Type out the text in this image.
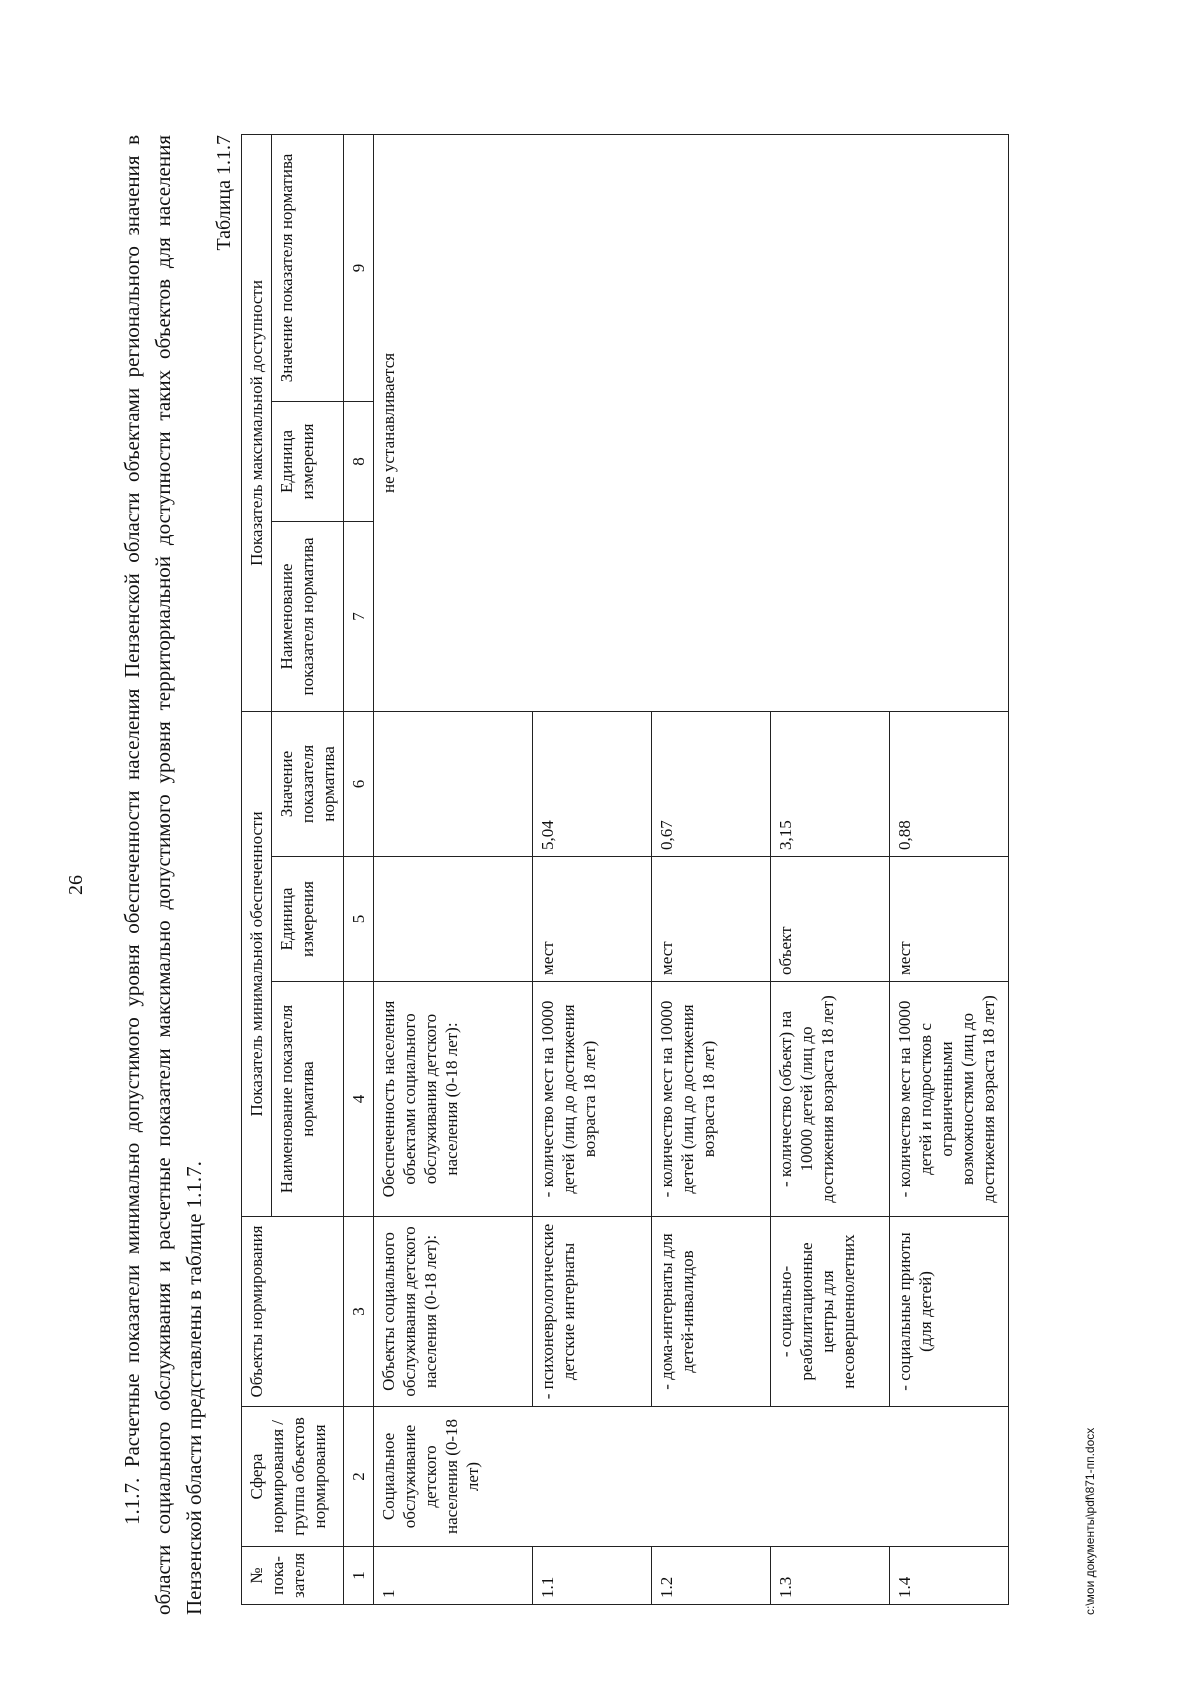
26 1.1.7. Расчетные показатели минимально допустимого уровня обеспеченности населения Пензенской области объектами регионального значения в области социального обслуживания и расчетные показатели максимально допустимого уровня территориальной доступности таких объектов для населения Пензенской области представлены в таблице 1.1.7.
Таблица 1.1.7
№ пока-зателя	Сфера нормирования / группа объектов нормирования	Объекты нормирования	Показатель минимальной обеспеченности			Показатель максимальной доступности		
			Наименование показателя норматива	Единица измерения	Значение показателя норматива	Наименование показателя норматива	Единица измерения	Значение показателя норматива
1	2	3	4	5	6	7	8	9
1	Социальное обслуживание детского населения (0-18 лет)	Объекты социального обслуживания детского населения (0-18 лет):	Обеспеченность населения объектами социального обслуживания детского населения (0-18 лет):			не устанавливается		
1.1		- психоневрологические детские интернаты	- количество мест на 10000 детей (лиц до достижения возраста 18 лет)	мест	5,04			
1.2		- дома-интернаты для детей-инвалидов	- количество мест на 10000 детей (лиц до достижения возраста 18 лет)	мест	0,67			
1.3		- социально-реабилитационные центры для несовершеннолетних	- количество (объект) на 10000 детей (лиц до достижения возраста 18 лет)	объект	3,15			
1.4		- социальные приюты (для детей)	- количество мест на 10000 детей и подростков с ограниченными возможностями (лиц до достижения возраста 18 лет)	мест	0,88			
c:\мои документы\pdf\871-пп.docx
